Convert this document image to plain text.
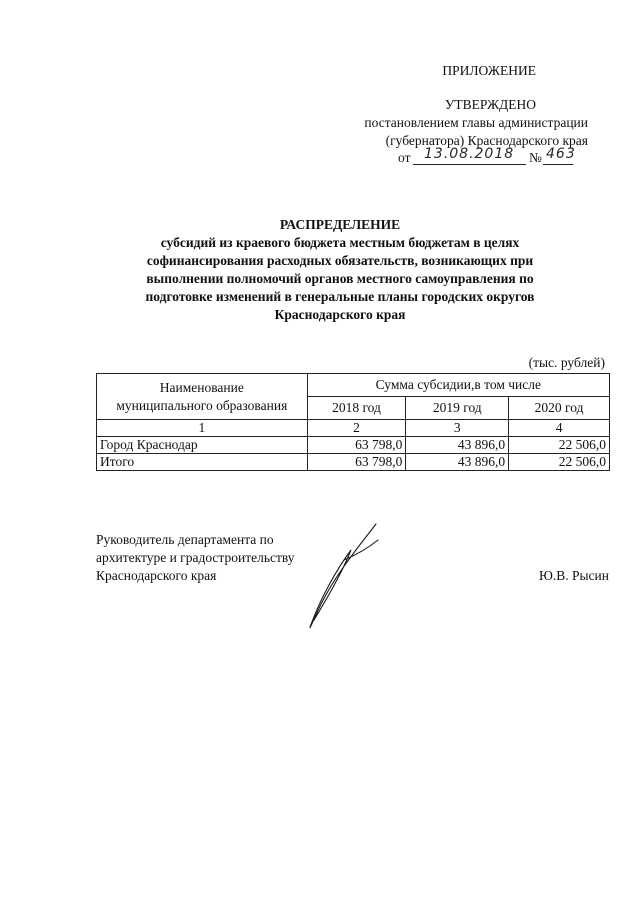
ПРИЛОЖЕНИЕ
УТВЕРЖДЕНО
постановлением главы администрации
(губернатора) Краснодарского края
от 13.08.2018 № 463
РАСПРЕДЕЛЕНИЕ
субсидий из краевого бюджета местным бюджетам в целях
софинансирования расходных обязательств, возникающих при
выполнении полномочий органов местного самоуправления по
подготовке изменений в генеральные планы городских округов
Краснодарского края
(тыс. рублей)
Наименование
муниципального образования	Сумма субсидии,в том числе		
	2018 год	2019 год	2020 год
1	2	3	4
Город Краснодар	63 798,0	43 896,0	22 506,0
Итого	63 798,0	43 896,0	22 506,0
Руководитель департамента по
архитектуре и градостроительству
Краснодарского края	Ю.В. Рысин
